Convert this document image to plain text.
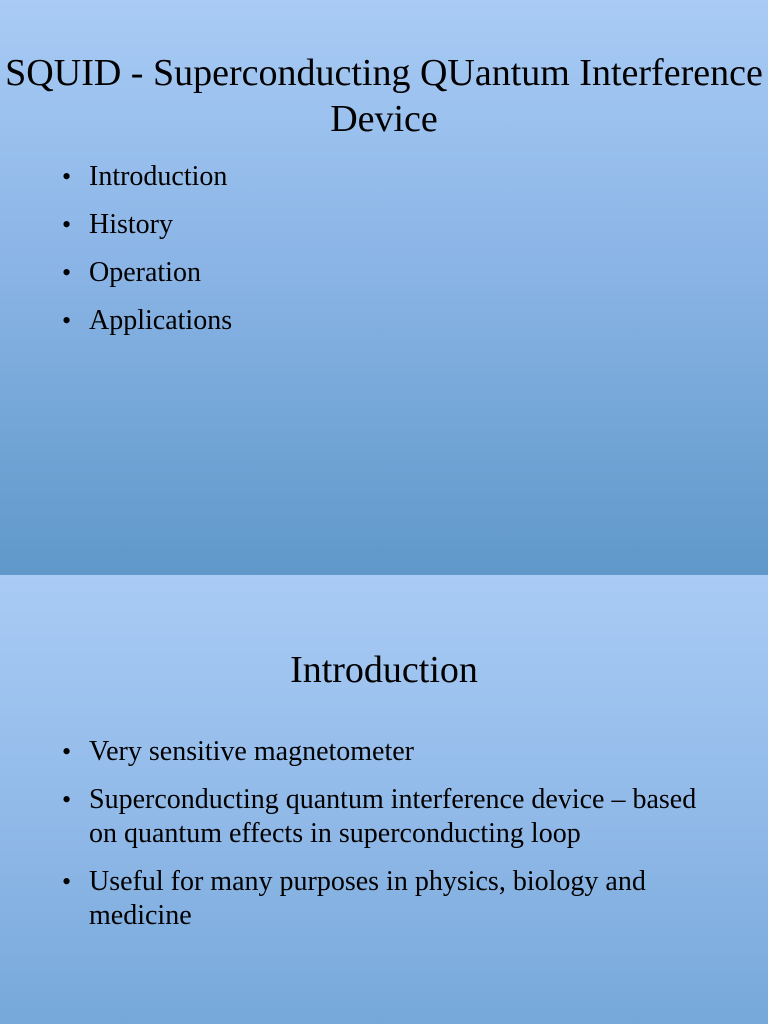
SQUID - Superconducting QUantum Interference Device
• Introduction
• History
• Operation
• Applications
Introduction
• Very sensitive magnetometer
• Superconducting quantum interference device – based on quantum effects in superconducting loop
• Useful for many purposes in physics, biology and medicine
